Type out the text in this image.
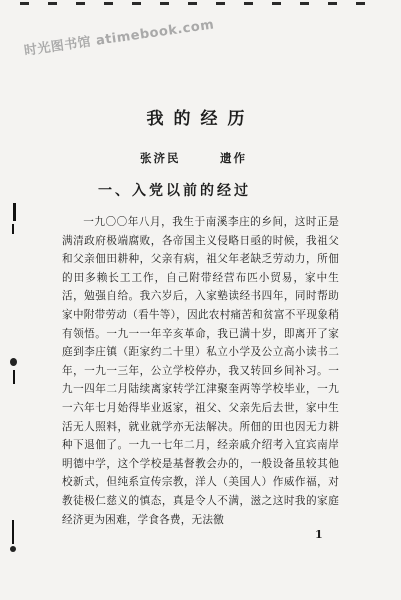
时光图书馆 atimebook.com
我的经历
张济民	遗作
一、入党以前的经过
一九〇〇年八月，我生于南溪李庄的乡间，这时正是满清政府极端腐败，各帝国主义侵略日亟的时候，我祖父和父亲佃田耕种，父亲有病，祖父年老缺乏劳动力，所佃的田多赖长工工作，自己附带经营布匹小贸易，家中生活，勉强自给。我六岁后，入家塾读经书四年，同时帮助家中附带劳动（看牛等），因此农村痛苦和贫富不平现象稍有领悟。一九一一年辛亥革命，我已满十岁，即离开了家庭到李庄镇（距家约二十里）私立小学及公立高小读书二年，一九一三年，公立学校停办，我又转回乡间补习。一九一四年二月陆续离家转学江津聚奎两等学校毕业，一九一六年七月始得毕业返家，祖父、父亲先后去世，家中生活无人照料，就业就学亦无法解决。所佃的田也因无力耕种下退佃了。一九一七年二月，经亲戚介绍考入宜宾南岸明德中学，这个学校是基督教会办的，一般设备虽较其他校新式，但纯系宣传宗教，洋人（美国人）作威作福，对教徒极仁慈义的慎态，真是令人不满，滋之这时我的家庭经济更为困难，学食各费，无法徼
1
